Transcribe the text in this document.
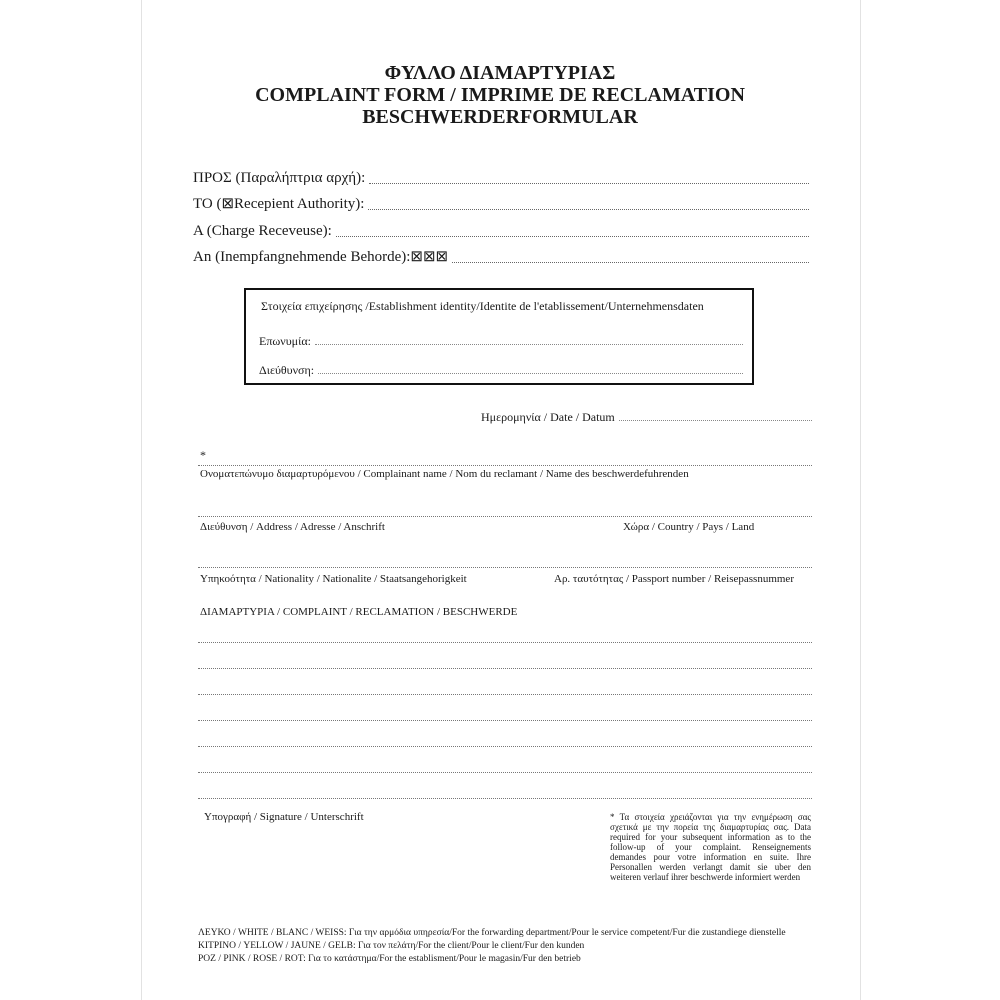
ΦΥΛΛΟ ΔΙΑΜΑΡΤΥΡΙΑΣ
COMPLAINT FORM / IMPRIME DE RECLAMATION
BESCHWERDERFORMULAR
ΠΡΟΣ (Παραλήπτρια αρχή):
TO (⊠Recepient Authority):
A (Charge Receveuse):
An (Inempfangnehmende Behorde):⊠⊠⊠
Στοιχεία επιχείρησης /Establishment identity/Identite de l'etablissement/Unternehmensdaten
Επωνυμία:
Διεύθυνση:
Ημερομηνία / Date / Datum
*
Ονοματεπώνυμο διαμαρτυρόμενου / Complainant name / Nom du reclamant / Name des beschwerdefuhrenden
Διεύθυνση / Address / Adresse / Anschrift	Χώρα / Country / Pays / Land
Υπηκοότητα / Nationality / Nationalite / Staatsangehorigkeit	Αρ. ταυτότητας / Passport number / Reisepassnummer
ΔΙΑΜΑΡΤΥΡΙΑ / COMPLAINT / RECLAMATION / BESCHWERDE
Υπογραφή / Signature / Unterschrift	* Τα στοιχεία χρειάζονται για την ενημέρωση σας σχετικά με την πορεία της διαμαρτυρίας σας. Data required for your subsequent information as to the follow-up of your complaint. Renseignements demandes pour votre information en suite. Ihre Personallen werden verlangt damit sie uber den weiteren verlauf ihrer beschwerde informiert werden
ΛΕΥΚΟ / WHITE / BLANC / WEISS: Για την αρμόδια υπηρεσία/For the forwarding department/Pour le service competent/Fur die zustandiege dienstelle
ΚΙΤΡΙΝΟ / YELLOW / JAUNE / GELB: Για τον πελάτη/For the client/Pour le client/Fur den kunden
ΡΟΖ / PINK / ROSE / ROT: Για το κατάστημα/For the establisment/Pour le magasin/Fur den betrieb
